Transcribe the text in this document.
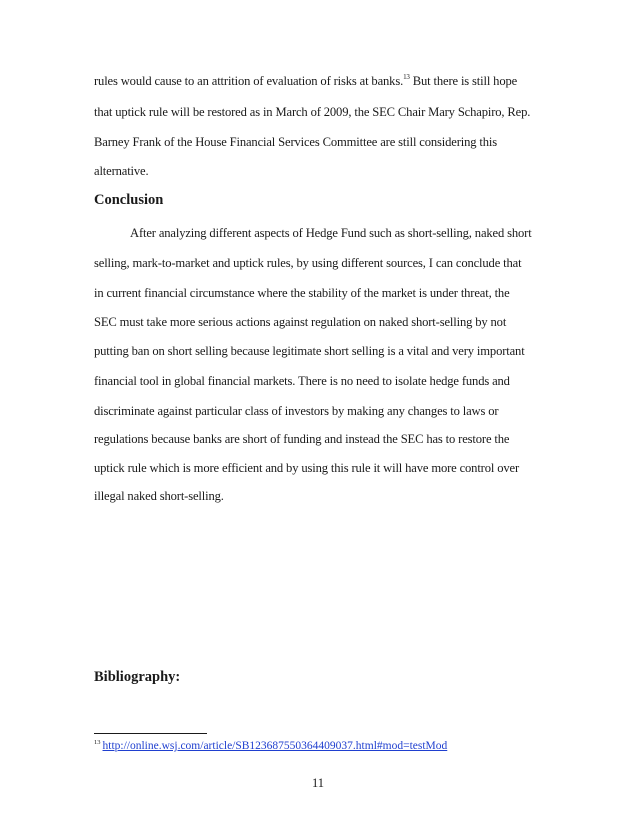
rules would cause to an attrition of evaluation of risks at banks.$^{13}$ But there is still hope
that uptick rule will be restored as in March of 2009, the SEC Chair Mary Schapiro, Rep.
Barney Frank of the House Financial Services Committee are still considering this
alternative.
Conclusion
After analyzing different aspects of Hedge Fund such as short-selling, naked short
selling, mark-to-market and uptick rules, by using different sources, I can conclude that
in current financial circumstance where the stability of the market is under threat, the
SEC must take more serious actions against regulation on naked short-selling by not
putting ban on short selling because legitimate short selling is a vital and very important
financial tool in global financial markets. There is no need to isolate hedge funds and
discriminate against particular class of investors by making any changes to laws or
regulations because banks are short of funding and instead the SEC has to restore the
uptick rule which is more efficient and by using this rule it will have more control over
illegal naked short-selling.
Bibliography:
$^{13}$ http://online.wsj.com/article/SB123687550364409037.html#mod=testMod
11
